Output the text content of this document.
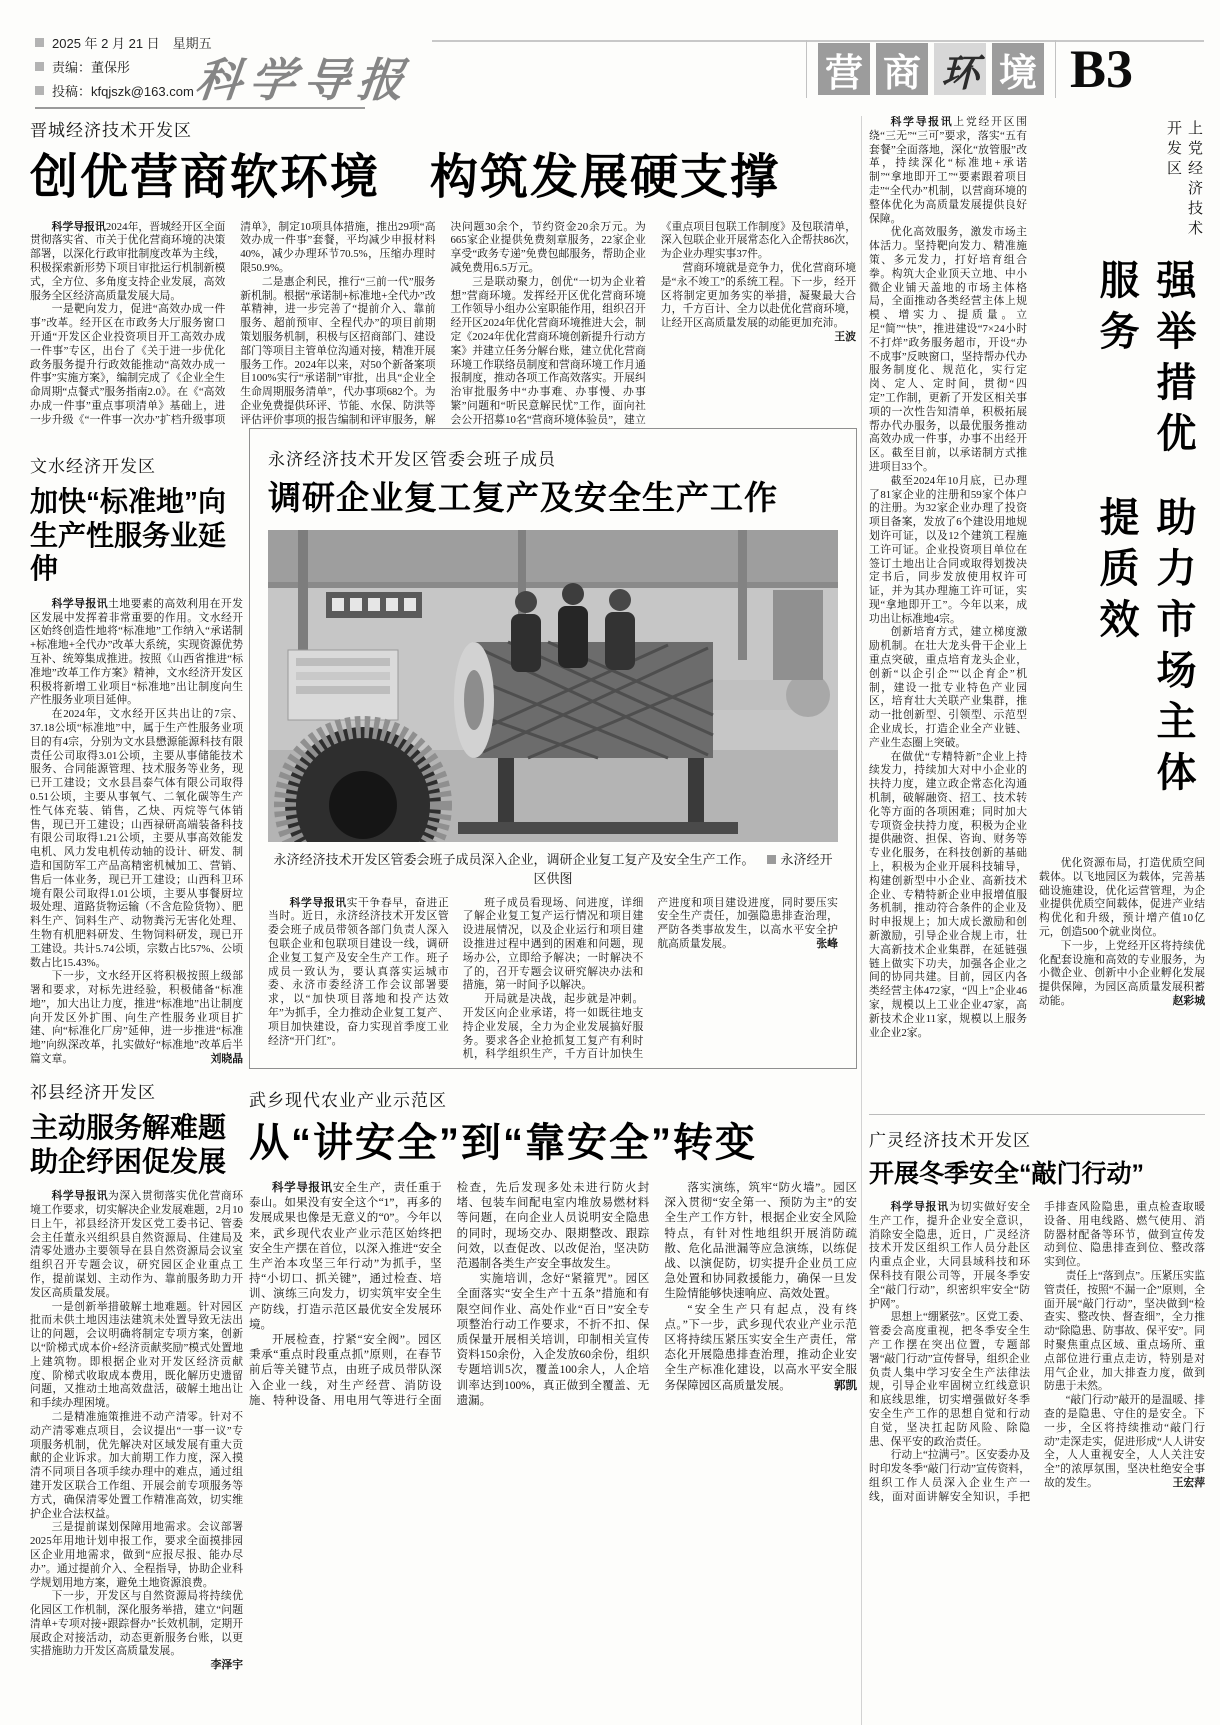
2025 年 2 月 21 日　星期五
责编：董保彤
投稿：kfqjszk@163.com 科学导报	营 商 环 境 B3
晋城经济技术开发区
创优营商软环境　构筑发展硬支撑

科学导报讯2024年，晋城经开区全面贯彻落实省、市关于优化营商环境的决策部署，以深化行政审批制度改革为主线，积极探索新形势下项目审批运行机制新模式，全方位、多角度支持企业发展，高效服务全区经济高质量发展大局。

一是靶向发力，促进“高效办成一件事”改革。经开区在市政务大厅服务窗口开通“开发区企业投资项目开工高效办成一件事”专区，出台了《关于进一步优化政务服务提升行政效能推动“高效办成一件事”实施方案》，编制完成了《企业全生命周期“点餐式”服务指南2.0》。在《“高效办成一件事”重点事项清单》基础上，进一步升级《“一件事一次办”扩档升级事项清单》，制定10项具体措施，推出29项“高效办成一件事”套餐，平均减少申报材料40%，减少办理环节70.5%，压缩办理时限50.9%。

二是惠企利民，推行“三前一代”服务新机制。根据“承诺制+标准地+全代办”改革精神，进一步完善了“提前介入、靠前服务、超前预审、全程代办”的项目前期策划服务机制，积极与区招商部门、建设部门等项目主管单位沟通对接，精准开展服务工作。2024年以来，对50个新备案项目100%实行“承诺制”审批，出具“企业全生命周期服务清单”，代办事项682个。为企业免费提供环评、节能、水保、防洪等评估评价事项的报告编制和评审服务，解决问题30余个，节约资金20余万元。为665家企业提供免费刻章服务，22家企业享受“政务专递”免费包邮服务，帮助企业减免费用6.5万元。

三是联动聚力，创优“一切为企业着想”营商环境。发挥经开区优化营商环境工作领导小组办公室职能作用，组织召开经开区2024年优化营商环境推进大会，制定《2024年优化营商环境创新提升行动方案》并建立任务分解台账，建立优化营商环境工作联络员制度和营商环境工作月通报制度，推动各项工作高效落实。开展纠治审批服务中“办事难、办事慢、办事繁”问题和“听民意解民忧”工作，面向社会公开招募10名“营商环境体验员”，建立《重点项目包联工作制度》及包联清单，深入包联企业开展常态化入企帮扶86次，为企业办理实事37件。

营商环境就是竞争力，优化营商环境是“永不竣工”的系统工程。下一步，经开区将制定更加务实的举措，凝聚最大合力，千方百计、全力以赴优化营商环境，让经开区高质量发展的动能更加充沛。
王波

文水经济开发区
加快“标准地”向
生产性服务业延伸

科学导报讯土地要素的高效利用在开发区发展中发挥着非常重要的作用。文水经开区始终创造性地将“标准地”工作纳入“承诺制+标准地+全代办”改革大系统，实现资源优势互补、统筹集成推进。按照《山西省推进“标准地”改革工作方案》精神，文水经济开发区积极将新增工业项目“标准地”出让制度向生产性服务业项目延伸。

在2024年，文水经开区共出让的7宗、37.18公顷“标准地”中，属于生产性服务业项目的有4宗，分别为文水县懋源能源科技有限责任公司取得3.01公顷，主要从事储能技术服务、合同能源管理、技术服务等业务，现已开工建设；文水县昌泰气体有限公司取得0.51公顷，主要从事氧气、二氧化碳等生产性气体充装、销售，乙炔、丙烷等气体销售，现已开工建设；山西禄研高端装备科技有限公司取得1.21公顷，主要从事高效能发电机、风力发电机传动轴的设计、研发、制造和国防军工产品高精密机械加工、营销、售后一体业务，现已开工建设；山西科卫环境有限公司取得1.01公顷，主要从事餐厨垃圾处理、道路货物运输（不含危险货物）、肥料生产、饲料生产、动物粪污无害化处理、生物有机肥料研发、生物饲料研发，现已开工建设。共计5.74公顷，宗数占比57%、公顷数占比15.43%。

下一步，文水经开区将积极按照上级部署和要求，对标先进经验，积极储备“标准地”，加大出让力度，推进“标准地”出让制度向开发区外扩围、向生产性服务业项目扩建、向“标准化厂房”延伸，进一步推进“标准地”向纵深改革，扎实做好“标准地”改革后半篇文章。	刘晓晶

祁县经济开发区
主动服务解难题
助企纾困促发展

科学导报讯为深入贯彻落实优化营商环境工作要求，切实解决企业发展难题，2月10日上午，祁县经济开发区党工委书记、管委会主任董永兴组织县自然资源局、住建局及清零处遗办主要领导在县自然资源局会议室组织召开专题会议，研究园区企业重点工作，提前谋划、主动作为、靠前服务助力开发区高质量发展。

一是创新举措破解土地难题。针对园区批而未供土地因违法建筑未处置导致无法出让的问题，会议明确将制定专项方案，创新以“阶梯式成本价+经济贡献奖励”模式处置地上建筑物。即根据企业对开发区经济贡献度、阶梯式收取成本费用，既化解历史遗留问题，又推动土地高效盘活，破解土地出让和手续办理困境。

二是精准施策推进不动产清零。针对不动产清零难点项目，会议提出“一事一议”专项服务机制，优先解决对区域发展有重大贡献的企业诉求。加大前期工作力度，深入摸清不同项目各项手续办理中的难点，通过组建开发区联合工作组、开展会前专项服务等方式，确保清零处置工作精准高效，切实维护企业合法权益。

三是提前谋划保障用地需求。会议部署2025年用地计划申报工作，要求全面摸排园区企业用地需求，做到“应报尽报、能办尽办”。通过提前介入、全程指导，协助企业科学规划用地方案，避免土地资源浪费。

下一步，开发区与自然资源局将持续优化园区工作机制，深化服务举措，建立“问题清单+专项对接+跟踪督办”长效机制，定期开展政企对接活动，动态更新服务台账，以更实措施助力开发区高质量发展。
李泽宇

永济经济技术开发区管委会班子成员
调研企业复工复产及安全生产工作
永济经济技术开发区管委会班子成员深入企业，调研企业复工复产及安全生产工作。 永济经开区供图

科学导报讯实干争春早，奋进正当时。近日，永济经济技术开发区管委会班子成员带领各部门负责人深入包联企业和包联项目建设一线，调研企业复工复产及安全生产工作。班子成员一致认为，要认真落实运城市委、永济市委经济工作会议部署要求，以“加快项目落地和投产达效年”为抓手，全力推动企业复工复产、项目加快建设，奋力实现首季度工业经济“开门红”。

班子成员看现场、问进度，详细了解企业复工复产运行情况和项目建设进展情况，以及企业运行和项目建设推进过程中遇到的困难和问题，现场办公，立即给予解决；一时解决不了的，召开专题会议研究解决办法和措施，第一时间予以解决。

开局就是决战，起步就是冲刺。开发区向企业承诺，将一如既往地支持企业发展，全力为企业发展搞好服务。要求各企业抢抓复工复产有利时机，科学组织生产，千方百计加快生产进度和项目建设进度，同时要压实安全生产责任，加强隐患排查治理，严防各类事故发生，以高水平安全护航高质量发展。	张峰

武乡现代农业产业示范区
从“讲安全”到“靠安全”转变

科学导报讯安全生产，责任重于泰山。如果没有安全这个“1”，再多的发展成果也像是无意义的“0”。今年以来，武乡现代农业产业示范区始终把安全生产摆在首位，以深入推进“安全生产治本攻坚三年行动”为抓手，坚持“小切口、抓关键”，通过检查、培训、演练三向发力，切实筑牢安全生产防线，打造示范区最优安全发展环境。

开展检查，拧紧“安全阀”。园区秉承“重点时段重点抓”原则，在春节前后等关键节点，由班子成员带队深入企业一线，对生产经营、消防设施、特种设备、用电用气等进行全面检查，先后发现多处未进行防火封堵、包装车间配电室内堆放易燃材料等问题，在向企业人员说明安全隐患的同时，现场交办、限期整改、跟踪问效，以查促改、以改促治，坚决防范遏制各类生产安全事故发生。

实施培训，念好“紧箍咒”。园区全面落实“安全生产十五条”措施和有限空间作业、高处作业“百日”安全专项整治行动工作要求，不折不扣、保质保量开展相关培训，印制相关宣传资料150余份，入企发放60余份，组织专题培训5次，覆盖100余人，人企培训率达到100%，真正做到全覆盖、无遗漏。

落实演练，筑牢“防火墙”。园区深入贯彻“安全第一、预防为主”的安全生产工作方针，根据企业安全风险特点，有针对性地组织开展消防疏散、危化品泄漏等应急演练，以练促战、以演促防，切实提升企业员工应急处置和协同救援能力，确保一旦发生险情能够快速响应、高效处置。

“安全生产只有起点，没有终点。”下一步，武乡现代农业产业示范区将持续压紧压实安全生产责任，常态化开展隐患排查治理，推动企业安全生产标准化建设，以高水平安全服务保障园区高质量发展。	郭凯

科学导报讯上党经开区围绕“三无”“三可”要求，落实“五有套餐”全面落地，深化“放管服”改革，持续深化“标准地+承诺制”“拿地即开工”“要素跟着项目走”“全代办”机制，以营商环境的整体优化为高质量发展提供良好保障。

优化高效服务，激发市场主体活力。坚持靶向发力、精准施策、多元发力，打好培育组合拳。构筑大企业顶天立地、中小微企业铺天盖地的市场主体格局，全面推动各类经营主体上规模、增实力、提质量。立足“简”“快”，推进建设“7×24小时不打烊”政务服务超市，开设“办不成事”反映窗口，坚持帮办代办服务制度化、规范化，实行定岗、定人、定时间，贯彻“四定”工作制，更新了开发区相关事项的一次性告知清单，积极拓展帮办代办服务，以最优服务推动高效办成一件事，办事不出经开区。截至目前，以承诺制方式推进项目33个。

截至2024年10月底，已办理了81家企业的注册和59家个体户的注册。为32家企业办理了投资项目备案，发放了6个建设用地规划许可证，以及12个建筑工程施工许可证。企业投资项目单位在签订土地出让合同或取得划拨决定书后，同步发放使用权许可证，并为其办理施工许可证，实现“拿地即开工”。今年以来，成功出让标准地4宗。

创新培育方式，建立梯度激励机制。在壮大龙头骨干企业上重点突破，重点培育龙头企业，创新“以企引企”“以企育企”机制，建设一批专业特色产业园区，培育壮大关联产业集群，推动一批创新型、引领型、示范型企业成长，打造企业全产业链、产业生态圈上突破。

在做优“专精特新”企业上持续发力，持续加大对中小企业的扶持力度，建立政企常态化沟通机制，破解融资、招工、技术转化等方面的各项困难；同时加大专项资金扶持力度，积极为企业提供融资、担保、咨询、财务等专业化服务，在科技创新的基础上，积极为企业开展科技辅导，构建创新型中小企业、高新技术企业、专精特新企业申报增值服务机制，推动符合条件的企业及时申报规上；加大成长激励和创新激励，引导企业合规上市，壮大高新技术企业集群，在延链强链上做实下功夫，加强各企业之间的协同共建。目前，园区内各类经营主体472家，“四上”企业46家，规模以上工业企业47家，高新技术企业11家，规模以上服务业企业2家。

上党经济技术开发区
强举措优服务
助力市场主体提质效

优化资源布局，打造优质空间载体。以飞地园区为载体，完善基础设施建设，优化运营管理，为企业提供优质空间载体，促进产业结构优化和升级，预计增产值10亿元，创造500个就业岗位。

下一步，上党经开区将持续优化配套设施和高效的专业服务，为小微企业、创新中小企业孵化发展提供保障，为园区高质量发展积蓄动能。	赵彩城

广灵经济技术开发区
开展冬季安全“敲门行动”

科学导报讯为切实做好安全生产工作，提升企业安全意识，消除安全隐患，近日，广灵经济技术开发区组织工作人员分赴区内重点企业，大同县域科技和环保科技有限公司等，开展冬季安全“敲门行动”，织密织牢安全“防护网”。

思想上“绷紧弦”。区党工委、管委会高度重视，把冬季安全生产工作摆在突出位置，专题部署“敲门行动”宣传督导，组织企业负责人集中学习安全生产法律法规，引导企业牢固树立红线意识和底线思维，切实增强做好冬季安全生产工作的思想自觉和行动自觉，坚决扛起防风险、除隐患、保平安的政治责任。

行动上“拉满弓”。区安委办及时印发冬季“敲门行动”宣传资料，组织工作人员深入企业生产一线，面对面讲解安全知识，手把手排查风险隐患，重点检查取暖设备、用电线路、燃气使用、消防器材配备等环节，做到宣传发动到位、隐患排查到位、整改落实到位。

责任上“落到点”。压紧压实监管责任，按照“不漏一企”原则，全面开展“敲门行动”，坚决做到“检查实、整改快、督查细”，全力推动“除隐患、防事故、保平安”。同时聚焦重点区域、重点场所、重点部位进行重点走访，特别是对用气企业，加大排查力度，做到防患于未然。

“敲门行动”敲开的是温暖、排查的是隐患、守住的是安全。下一步，全区将持续推动“敲门行动”走深走实，促进形成“人人讲安全，人人重视安全，人人关注安全”的浓厚氛围，坚决杜绝安全事故的发生。	王宏萍
